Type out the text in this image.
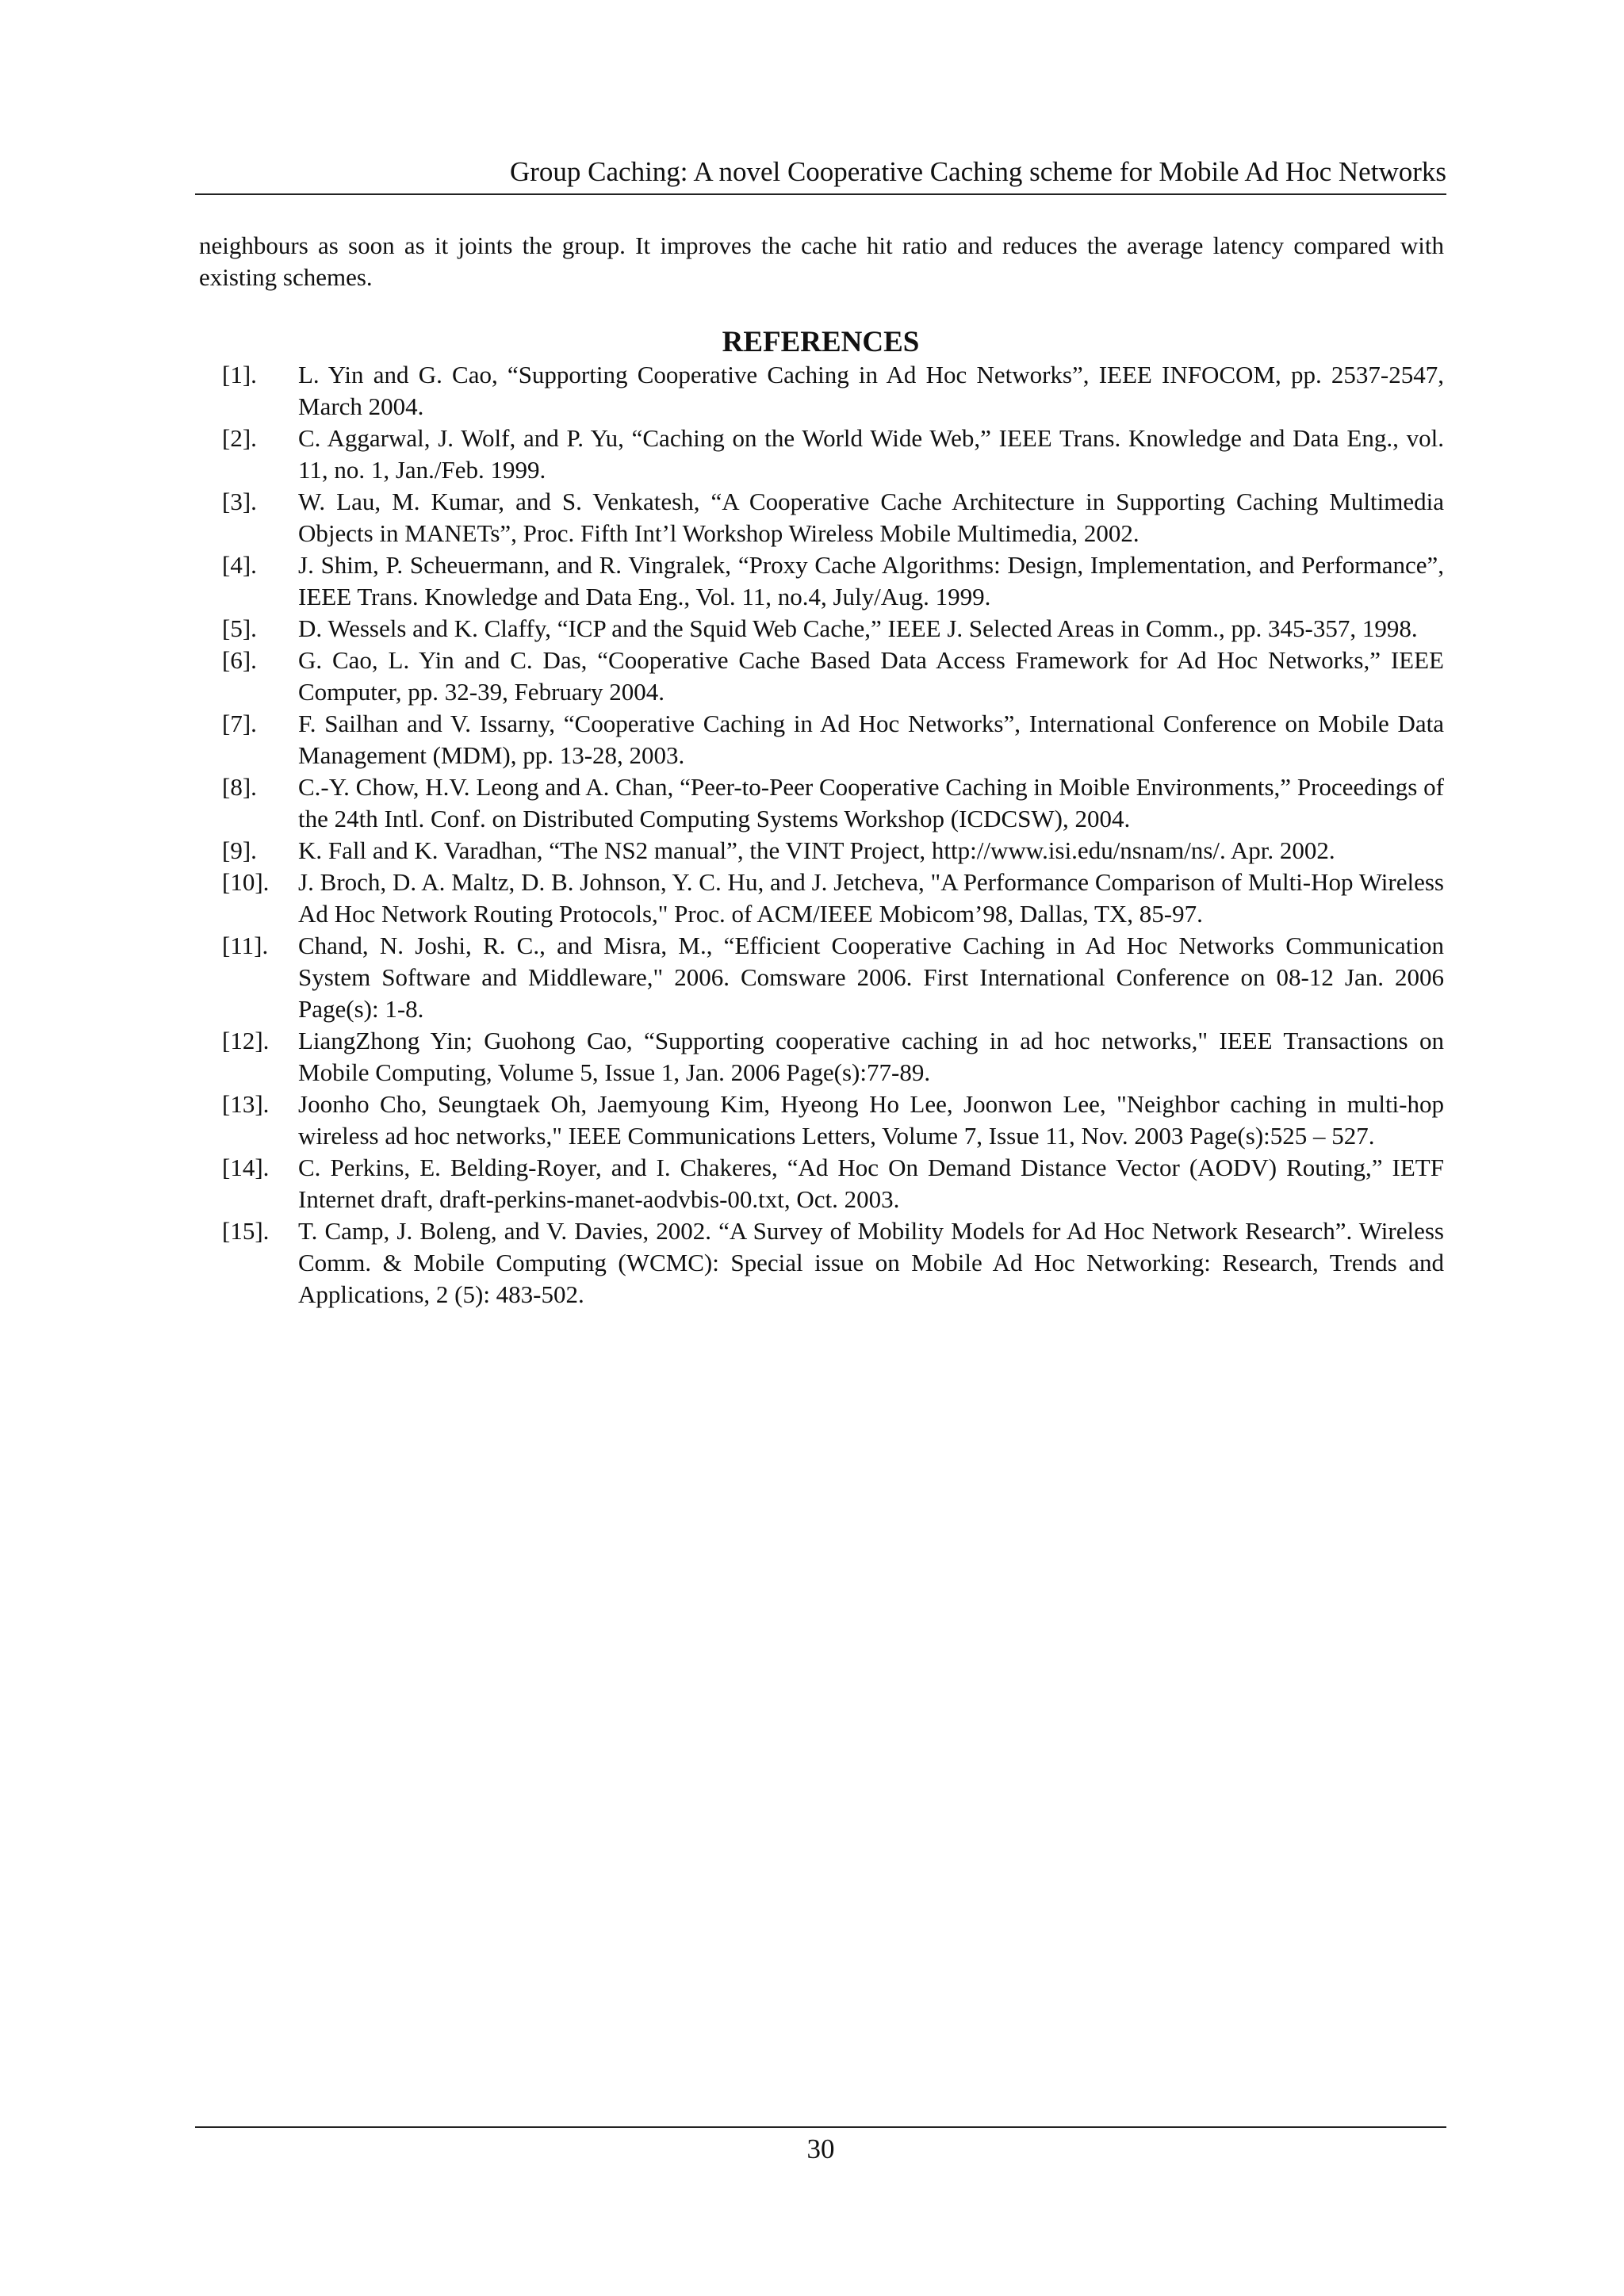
Group Caching: A novel Cooperative Caching scheme for Mobile Ad Hoc Networks

neighbours as soon as it joints the group. It improves the cache hit ratio and reduces the average latency compared with existing schemes.

REFERENCES
[1].	L. Yin and G. Cao, “Supporting Cooperative Caching in Ad Hoc Networks”, IEEE INFOCOM, pp. 2537-2547, March 2004.
[2].	C. Aggarwal, J. Wolf, and P. Yu, “Caching on the World Wide Web,” IEEE Trans. Knowledge and Data Eng., vol. 11, no. 1, Jan./Feb. 1999.
[3].	W. Lau, M. Kumar, and S. Venkatesh, “A Cooperative Cache Architecture in Supporting Caching Multimedia Objects in MANETs”, Proc. Fifth Int’l Workshop Wireless Mobile Multimedia, 2002.
[4].	J. Shim, P. Scheuermann, and R. Vingralek, “Proxy Cache Algorithms: Design, Implementation, and Performance”, IEEE Trans. Knowledge and Data Eng., Vol. 11, no.4, July/Aug. 1999.
[5].	D. Wessels and K. Claffy, “ICP and the Squid Web Cache,” IEEE J. Selected Areas in Comm., pp. 345-357, 1998.
[6].	G. Cao, L. Yin and C. Das, “Cooperative Cache Based Data Access Framework for Ad Hoc Networks,” IEEE Computer, pp. 32-39, February 2004.
[7].	F. Sailhan and V. Issarny, “Cooperative Caching in Ad Hoc Networks”, International Conference on Mobile Data Management (MDM), pp. 13-28, 2003.
[8].	C.-Y. Chow, H.V. Leong and A. Chan, “Peer-to-Peer Cooperative Caching in Moible Environments,” Proceedings of the 24th Intl. Conf. on Distributed Computing Systems Workshop (ICDCSW), 2004.
[9].	K. Fall and K. Varadhan, “The NS2 manual”, the VINT Project, http://www.isi.edu/nsnam/ns/. Apr. 2002.
[10].	J. Broch, D. A. Maltz, D. B. Johnson, Y. C. Hu, and J. Jetcheva, "A Performance Comparison of Multi-Hop Wireless Ad Hoc Network Routing Protocols," Proc. of ACM/IEEE Mobicom’98, Dallas, TX, 85-97.
[11].	Chand, N. Joshi, R. C., and Misra, M., “Efficient Cooperative Caching in Ad Hoc Networks Communication System Software and Middleware," 2006. Comsware 2006. First International Conference on 08-12 Jan. 2006 Page(s): 1-8.
[12].	LiangZhong Yin; Guohong Cao, “Supporting cooperative caching in ad hoc networks," IEEE Transactions on Mobile Computing, Volume 5, Issue 1, Jan. 2006 Page(s):77-89.
[13].	Joonho Cho, Seungtaek Oh, Jaemyoung Kim, Hyeong Ho Lee, Joonwon Lee, "Neighbor caching in multi-hop wireless ad hoc networks," IEEE Communications Letters, Volume 7, Issue 11, Nov. 2003 Page(s):525 – 527.
[14].	C. Perkins, E. Belding-Royer, and I. Chakeres, “Ad Hoc On Demand Distance Vector (AODV) Routing,” IETF Internet draft, draft-perkins-manet-aodvbis-00.txt, Oct. 2003.
[15].	T. Camp, J. Boleng, and V. Davies, 2002. “A Survey of Mobility Models for Ad Hoc Network Research”. Wireless Comm. & Mobile Computing (WCMC): Special issue on Mobile Ad Hoc Networking: Research, Trends and Applications, 2 (5): 483-502.
30
